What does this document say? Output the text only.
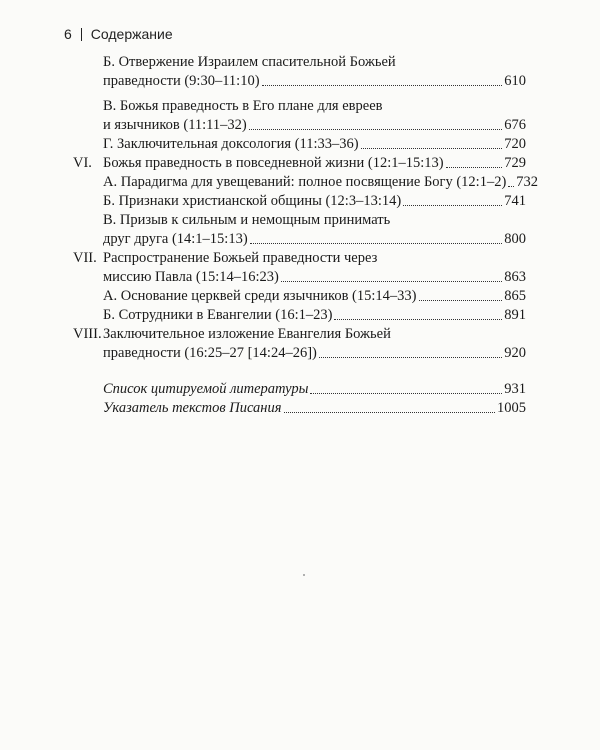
6 Содержание
Б. Отвержение Израилем спасительной Божьей
праведности (9:30–11:10)	610
В. Божья праведность в Его плане для евреев
и язычников (11:11–32)	676
Г. Заключительная доксология (11:33–36)	720
VI. Божья праведность в повседневной жизни (12:1–15:13)	729
А. Парадигма для увещеваний: полное посвящение Богу (12:1–2) 732
Б. Признаки христианской общины (12:3–13:14)	741
В. Призыв к сильным и немощным принимать
друг друга (14:1–15:13)	800
VII. Распространение Божьей праведности через
миссию Павла (15:14–16:23)	863
А. Основание церквей среди язычников (15:14–33)	865
Б. Сотрудники в Евангелии (16:1–23)	891
VIII.Заключительное изложение Евангелия Божьей
праведности (16:25–27 [14:24–26])	920
Список цитируемой литературы	931
Указатель текстов Писания	1005
